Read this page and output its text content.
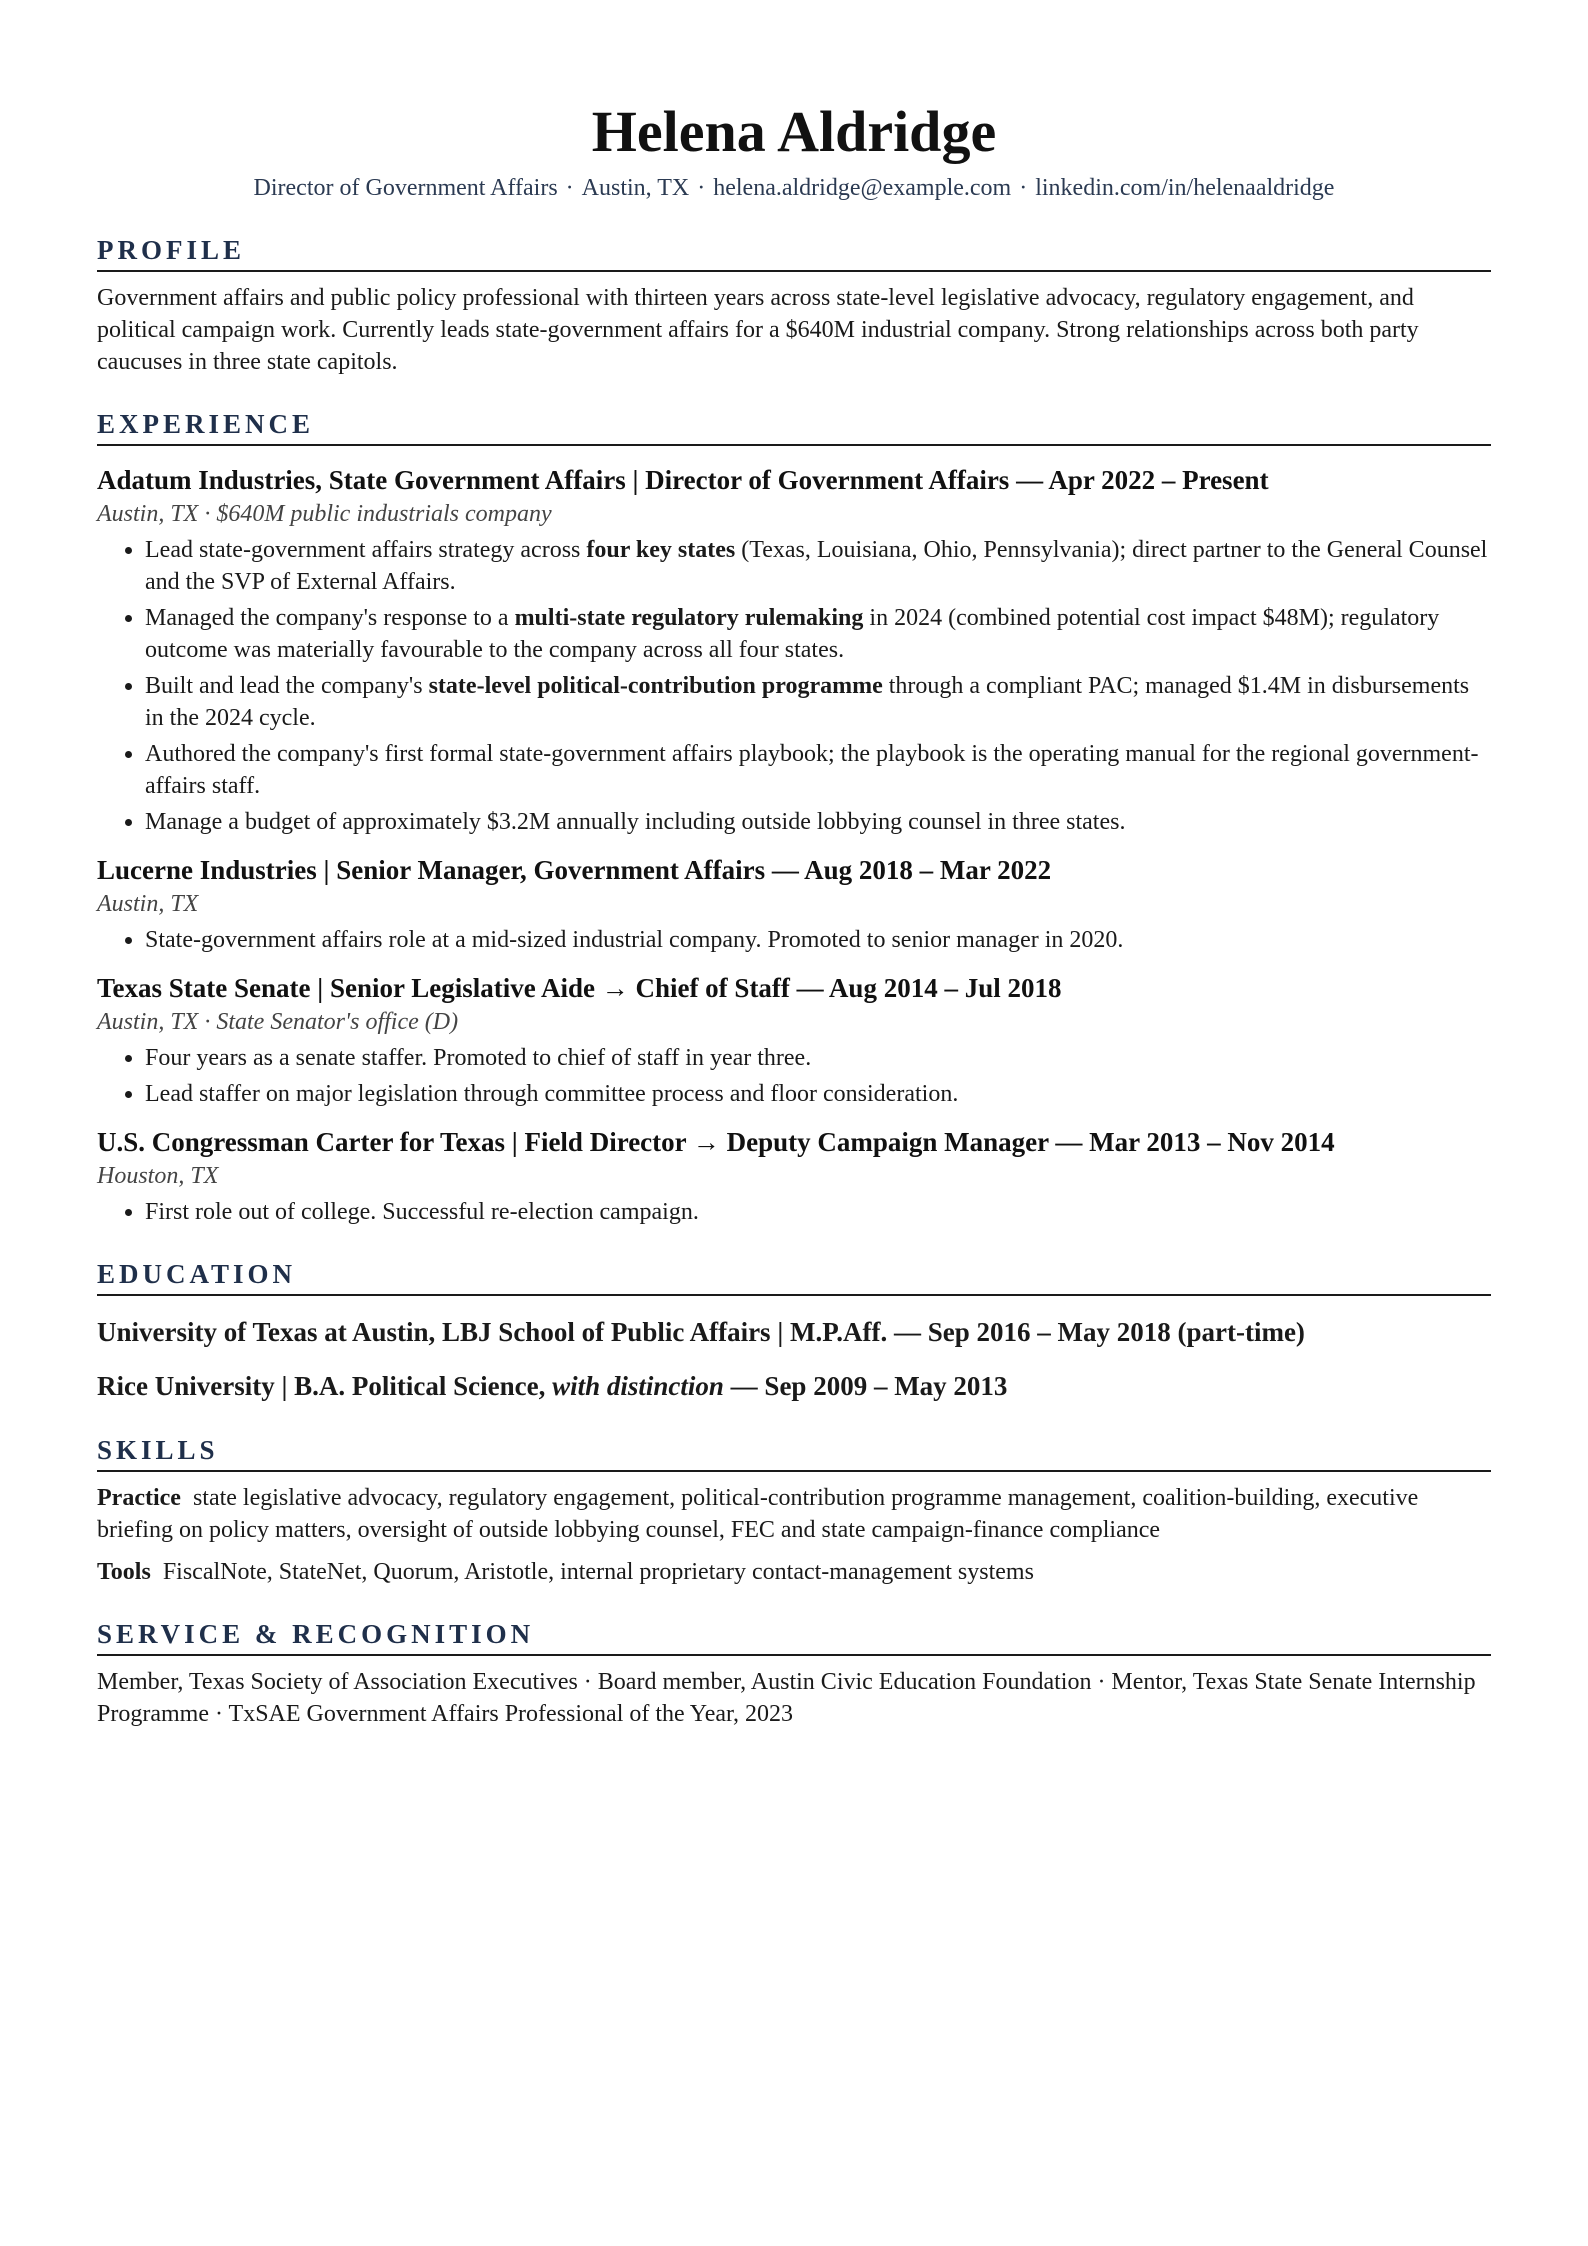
Helena Aldridge
Director of Government Affairs · Austin, TX · helena.aldridge@example.com · linkedin.com/in/helenaaldridge
PROFILE
Government affairs and public policy professional with thirteen years across state-level legislative advocacy, regulatory engagement, and political campaign work. Currently leads state-government affairs for a $640M industrial company. Strong relationships across both party caucuses in three state capitols.
EXPERIENCE
Adatum Industries, State Government Affairs | Director of Government Affairs — Apr 2022 – Present
Austin, TX · $640M public industrials company
• Lead state-government affairs strategy across four key states (Texas, Louisiana, Ohio, Pennsylvania); direct partner to the General Counsel and the SVP of External Affairs.
• Managed the company's response to a multi-state regulatory rulemaking in 2024 (combined potential cost impact $48M); regulatory outcome was materially favourable to the company across all four states.
• Built and lead the company's state-level political-contribution programme through a compliant PAC; managed $1.4M in disbursements in the 2024 cycle.
• Authored the company's first formal state-government affairs playbook; the playbook is the operating manual for the regional government-affairs staff.
• Manage a budget of approximately $3.2M annually including outside lobbying counsel in three states.
Lucerne Industries | Senior Manager, Government Affairs — Aug 2018 – Mar 2022
Austin, TX
• State-government affairs role at a mid-sized industrial company. Promoted to senior manager in 2020.
Texas State Senate | Senior Legislative Aide → Chief of Staff — Aug 2014 – Jul 2018
Austin, TX · State Senator's office (D)
• Four years as a senate staffer. Promoted to chief of staff in year three.
• Lead staffer on major legislation through committee process and floor consideration.
U.S. Congressman Carter for Texas | Field Director → Deputy Campaign Manager — Mar 2013 – Nov 2014
Houston, TX
• First role out of college. Successful re-election campaign.
EDUCATION
University of Texas at Austin, LBJ School of Public Affairs | M.P.Aff. — Sep 2016 – May 2018 (part-time)
Rice University | B.A. Political Science, with distinction — Sep 2009 – May 2013
SKILLS
Practice state legislative advocacy, regulatory engagement, political-contribution programme management, coalition-building, executive briefing on policy matters, oversight of outside lobbying counsel, FEC and state campaign-finance compliance
Tools FiscalNote, StateNet, Quorum, Aristotle, internal proprietary contact-management systems
SERVICE & RECOGNITION
Member, Texas Society of Association Executives · Board member, Austin Civic Education Foundation · Mentor, Texas State Senate Internship Programme · TxSAE Government Affairs Professional of the Year, 2023
